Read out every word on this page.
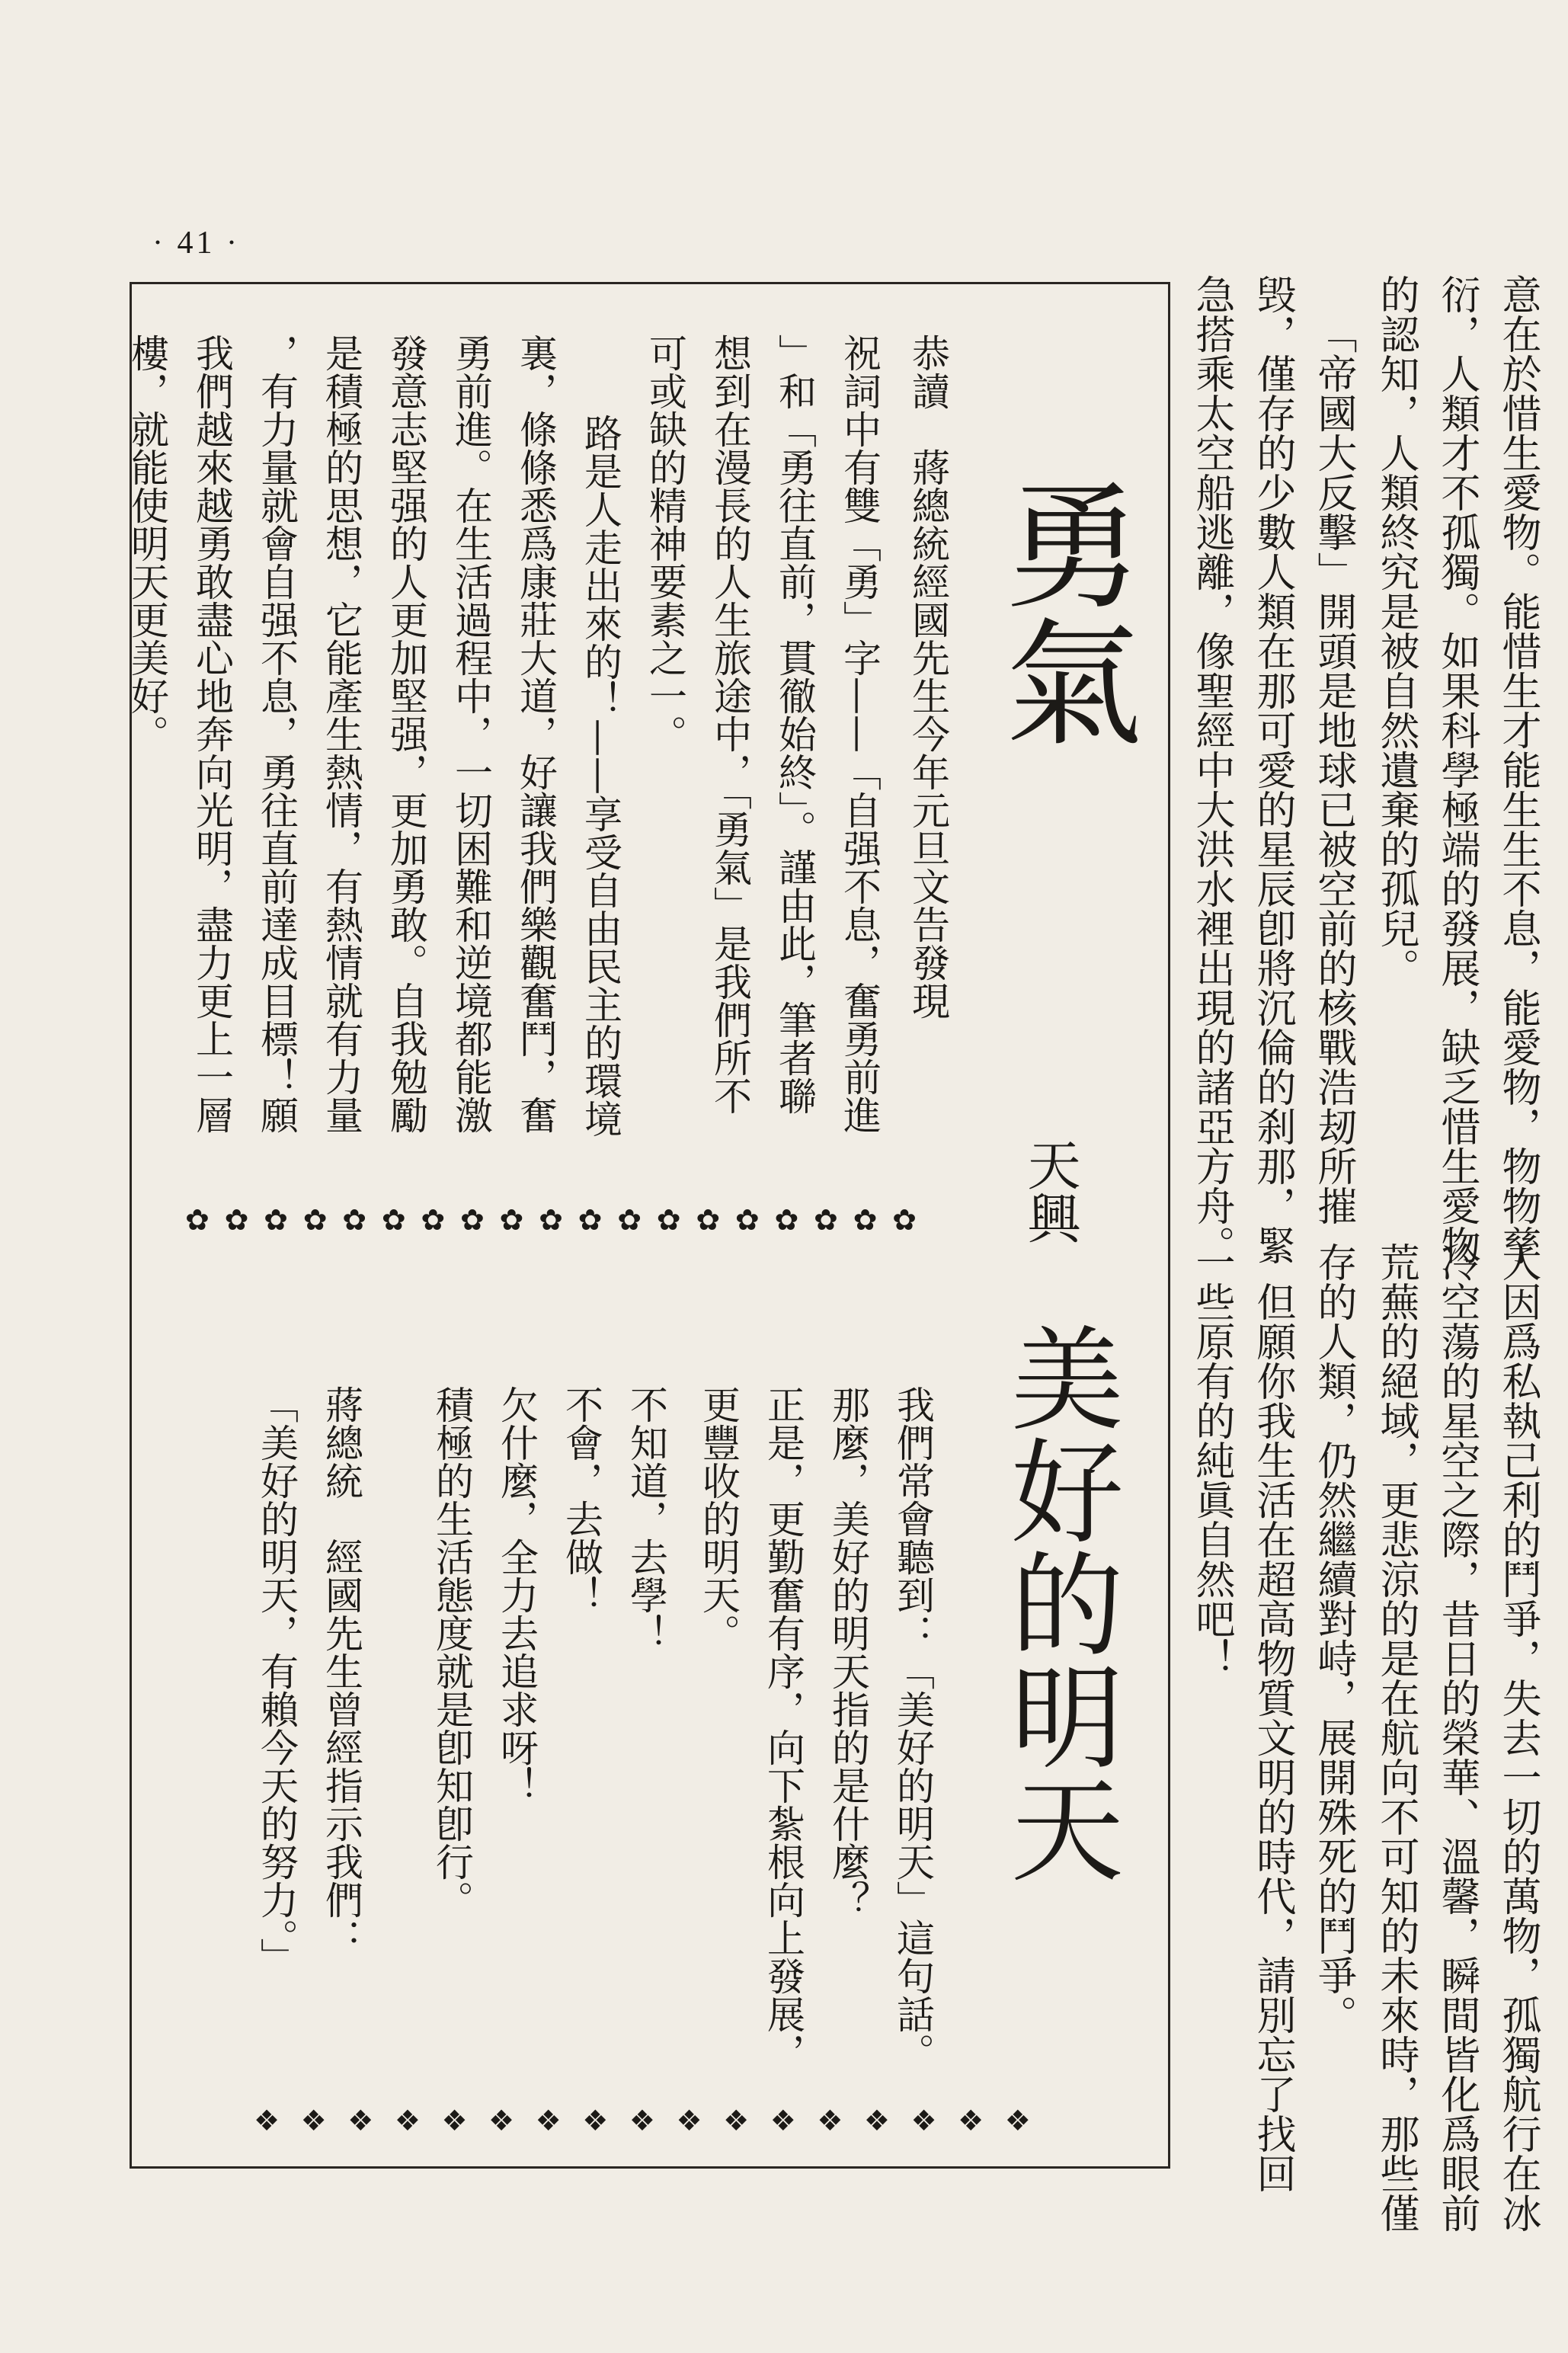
· 41 ·
意在於惜生愛物。能惜生才能生生不息，能愛物，物物孳
衍，人類才不孤獨。如果科學極端的發展，缺乏惜生愛物
的認知，人類終究是被自然遺棄的孤兒。
「帝國大反擊」開頭是地球已被空前的核戰浩刼所摧
毁，僅存的少數人類在那可愛的星辰卽將沉倫的刹那，緊
急搭乘太空船逃離，像聖經中大洪水裡出現的諸亞方舟。
人因爲私執己利的鬥爭，失去一切的萬物，孤獨航行在冰
冷空蕩的星空之際，昔日的榮華、溫馨，瞬間皆化爲眼前
荒蕪的絕域，更悲涼的是在航向不可知的未來時，那些僅
存的人類，仍然繼續對峙，展開殊死的鬥爭。
但願你我生活在超高物質文明的時代，請別忘了找回
一些原有的純眞自然吧！
勇氣
天興
恭讀　蔣總統經國先生今年元旦文告發現
祝詞中有雙「勇」字——「自强不息，奮勇前進
」和「勇往直前，貫徹始終」。謹由此，筆者聯
想到在漫長的人生旅途中，「勇氣」是我們所不
可或缺的精神要素之一。
路是人走出來的！——享受自由民主的環境
裏，條條悉爲康莊大道，好讓我們樂觀奮鬥，奮
勇前進。在生活過程中，一切困難和逆境都能激
發意志堅强的人更加堅强，更加勇敢。自我勉勵
是積極的思想，它能產生熱情，有熱情就有力量
，有力量就會自强不息，勇往直前達成目標！願
我們越來越勇敢盡心地奔向光明，盡力更上一層
樓，就能使明天更美好。
✿ ✿ ✿ ✿ ✿ ✿ ✿ ✿ ✿ ✿ ✿ ✿ ✿ ✿ ✿ ✿ ✿ ✿ ✿
美好的明天
我們常會聽到：「美好的明天」這句話。
那麼，美好的明天指的是什麼？
正是，更勤奮有序，向下紮根向上發展，
更豐收的明天。
不知道，去學！
不會，去做！
欠什麼，全力去追求呀！
積極的生活態度就是卽知卽行。
蔣總統　經國先生曾經指示我們：
「美好的明天，有賴今天的努力。」
❖ ❖ ❖ ❖ ❖ ❖ ❖ ❖ ❖ ❖ ❖ ❖ ❖ ❖ ❖ ❖ ❖
